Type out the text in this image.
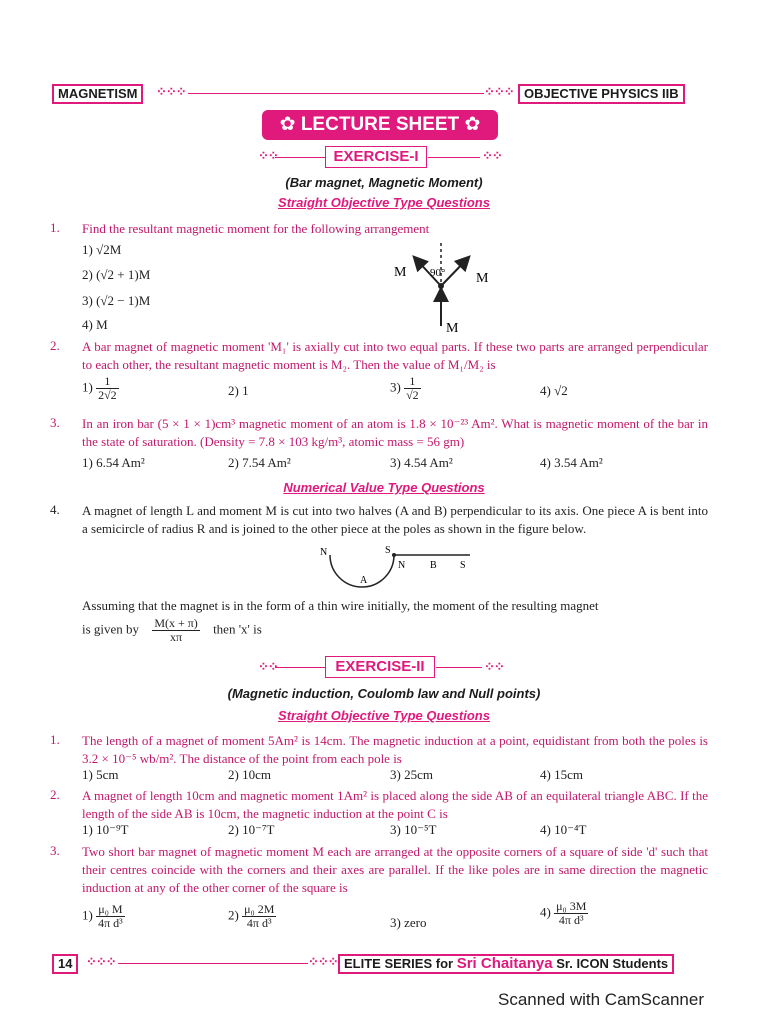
MAGNETISM	⁘⁘⁘	⁘⁘⁘ OBJECTIVE PHYSICS IIB
✿ LECTURE SHEET ✿
⁘⁘	EXERCISE-I	⁘⁘
(Bar magnet, Magnetic Moment)
Straight Objective Type Questions
1. Find the resultant magnetic moment for the following arrangement
1) √2M
2) (√2 + 1)M
3) (√2 − 1)M
4) M
M	M
M
90°
2. A bar magnet of magnetic moment 'M₁' is axially cut into two equal parts. If these two parts are arranged perpendicular to each other, the resultant magnetic moment is M₂. Then the value of M₁/M₂ is
$1) \frac{1}{2√2}$	2) 1	$3) \frac{1}{√2}$	4) √2
3. In an iron bar (5 × 1 × 1)cm³ magnetic moment of an atom is 1.8 × 10⁻²³ Am². What is magnetic moment of the bar in the state of saturation. (Density = 7.8 × 103 kg/m³, atomic mass = 56 gm)
1) 6.54 Am²	2) 7.54 Am²	3) 4.54 Am²	4) 3.54 Am²
Numerical Value Type Questions
4. A magnet of length L and moment M is cut into two halves (A and B) perpendicular to its axis. One piece A is bent into a semicircle of radius R and is joined to the other piece at the poles as shown in the figure below.
N	S
A
N B S
Assuming that the magnet is in the form of a thin wire initially, the moment of the resulting magnet
is given by $\frac{M(x + \pi)}{x\pi}$ then 'x' is
⁘⁘	EXERCISE-II	⁘⁘
(Magnetic induction, Coulomb law and Null points)
Straight Objective Type Questions
1. The length of a magnet of moment 5Am² is 14cm. The magnetic induction at a point, equidistant from both the poles is 3.2 × 10⁻⁵ wb/m². The distance of the point from each pole is
1) 5cm	2) 10cm	3) 25cm	4) 15cm
2. A magnet of length 10cm and magnetic moment 1Am² is placed along the side AB of an equilateral triangle ABC. If the length of the side AB is 10cm, the magnetic induction at the point C is
1) 10⁻⁹T	2) 10⁻⁷T	3) 10⁻⁵T	4) 10⁻⁴T
3. Two short bar magnet of magnetic moment M each are arranged at the opposite corners of a square of side 'd' such that their centres coincide with the corners and their axes are parallel. If the like poles are in same direction the magnetic induction at any of the other corner of the square is
$1) \frac{\text{μ₀ M}}{\text{4π d³}}$	$2) \frac{\text{μ₀ 2M}}{\text{4π d³}}$	3) zero
$4) \frac{\text{μ₀ 3M}}{\text{4π d³}}$
14	⁘⁘⁘	⁘⁘⁘ ELITE SERIES for Sri Chaitanya Sr. ICON Students
Scanned with CamScanner
